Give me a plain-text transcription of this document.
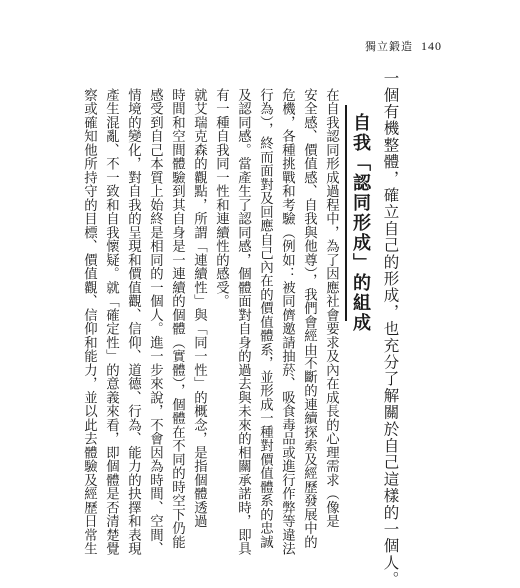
獨立鍛造 140
一個有機整體，確立自己的形成，也充分了解關於自己這樣的一個人。
自我「認同形成」的組成
在自我認同形成過程中，為了因應社會要求及內在成長的心理需求（像是
安全感、價值感、自我與他尊），我們會經由不斷的連續探索及經歷發展中的
危機，各種挑戰和考驗（例如：被同儕邀請抽菸、吸食毒品或進行作弊等違法
行為），終而面對及回應自己內在的價值體系，並形成一種對價值體系的忠誠
及認同感。當產生了認同感，個體面對自身的過去與未來的相關承諾時，即具
有一種自我同一性和連續性的感受。
就艾瑞克森的觀點，所謂「連續性」與「同一性」的概念，是指個體透過
時間和空間體驗到其自身是一連續的個體（實體），個體在不同的時空下仍能
感受到自己本質上始終是相同的一個人。進一步來說，不會因為時間、空間、
情境的變化，對自我的呈現和價值觀、信仰、道德、行為、能力的抉擇和表現
產生混亂、不一致和自我懷疑。就「確定性」的意義來看，即個體是否清楚覺
察或確知他所持守的目標、價值觀、信仰和能力，並以此去體驗及經歷日常生
